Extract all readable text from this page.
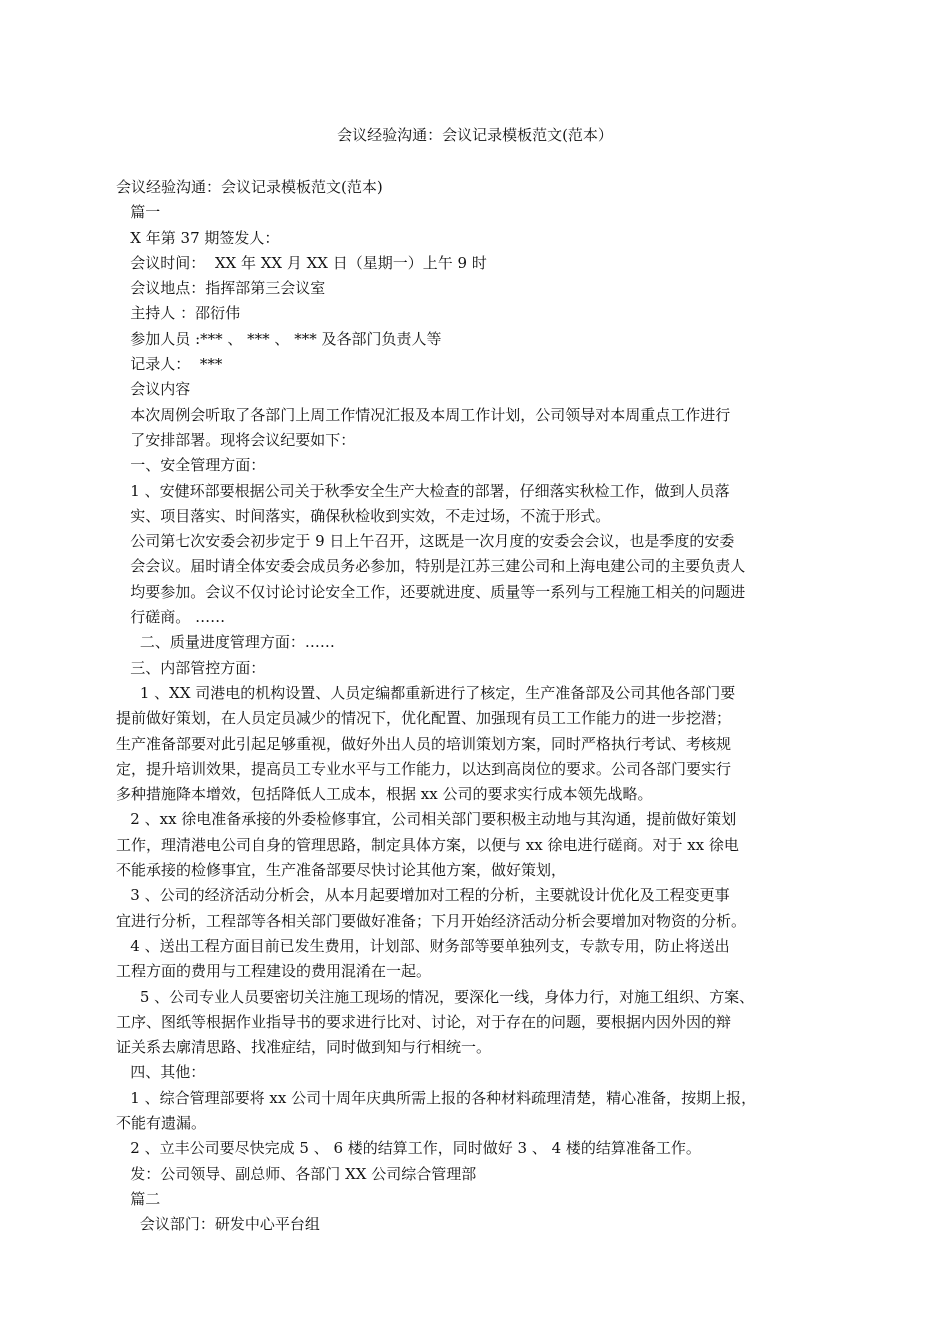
会议经验沟通：会议记录模板范文(范本）
会议经验沟通：会议记录模板范文(范本)
篇一
X 年第 37 期签发人：
会议时间：  XX 年 XX 月 XX 日（星期一）上午 9 时
会议地点：指挥部第三会议室
主持人 ：邵衍伟
参加人员 :*** 、 *** 、 *** 及各部门负责人等
记录人：  ***
会议内容
本次周例会听取了各部门上周工作情况汇报及本周工作计划，公司领导对本周重点工作进行
了安排部署。现将会议纪要如下：
一、安全管理方面：
1 、安健环部要根据公司关于秋季安全生产大检查的部署，仔细落实秋检工作，做到人员落
实、项目落实、时间落实，确保秋检收到实效，不走过场，不流于形式。
公司第七次安委会初步定于 9 日上午召开，这既是一次月度的安委会会议，也是季度的安委
会会议。届时请全体安委会成员务必参加，特别是江苏三建公司和上海电建公司的主要负责人
均要参加。会议不仅讨论讨论安全工作，还要就进度、质量等一系列与工程施工相关的问题进
行磋商。 ……
二、质量进度管理方面：……
三、内部管控方面：
1 、XX 司港电的机构设置、人员定编都重新进行了核定，生产准备部及公司其他各部门要
提前做好策划，在人员定员减少的情况下，优化配置、加强现有员工工作能力的进一步挖潜；
生产准备部要对此引起足够重视，做好外出人员的培训策划方案，同时严格执行考试、考核规
定，提升培训效果，提高员工专业水平与工作能力，以达到高岗位的要求。公司各部门要实行
多种措施降本增效，包括降低人工成本，根据 xx 公司的要求实行成本领先战略。
2 、xx 徐电准备承接的外委检修事宜，公司相关部门要积极主动地与其沟通，提前做好策划
工作，理清港电公司自身的管理思路，制定具体方案，以便与 xx 徐电进行磋商。对于 xx 徐电
不能承接的检修事宜，生产准备部要尽快讨论其他方案，做好策划，
3 、公司的经济活动分析会，从本月起要增加对工程的分析，主要就设计优化及工程变更事
宜进行分析，工程部等各相关部门要做好准备；下月开始经济活动分析会要增加对物资的分析。
4 、送出工程方面目前已发生费用，计划部、财务部等要单独列支，专款专用，防止将送出
工程方面的费用与工程建设的费用混淆在一起。
5 、公司专业人员要密切关注施工现场的情况，要深化一线，身体力行，对施工组织、方案、
工序、图纸等根据作业指导书的要求进行比对、讨论，对于存在的问题，要根据内因外因的辩
证关系去廓清思路、找准症结，同时做到知与行相统一。
四、其他：
1 、综合管理部要将 xx 公司十周年庆典所需上报的各种材料疏理清楚，精心准备，按期上报，
不能有遗漏。
2 、立丰公司要尽快完成 5 、 6 楼的结算工作，同时做好 3 、 4 楼的结算准备工作。
发：公司领导、副总师、各部门 XX 公司综合管理部
篇二
会议部门：研发中心平台组
